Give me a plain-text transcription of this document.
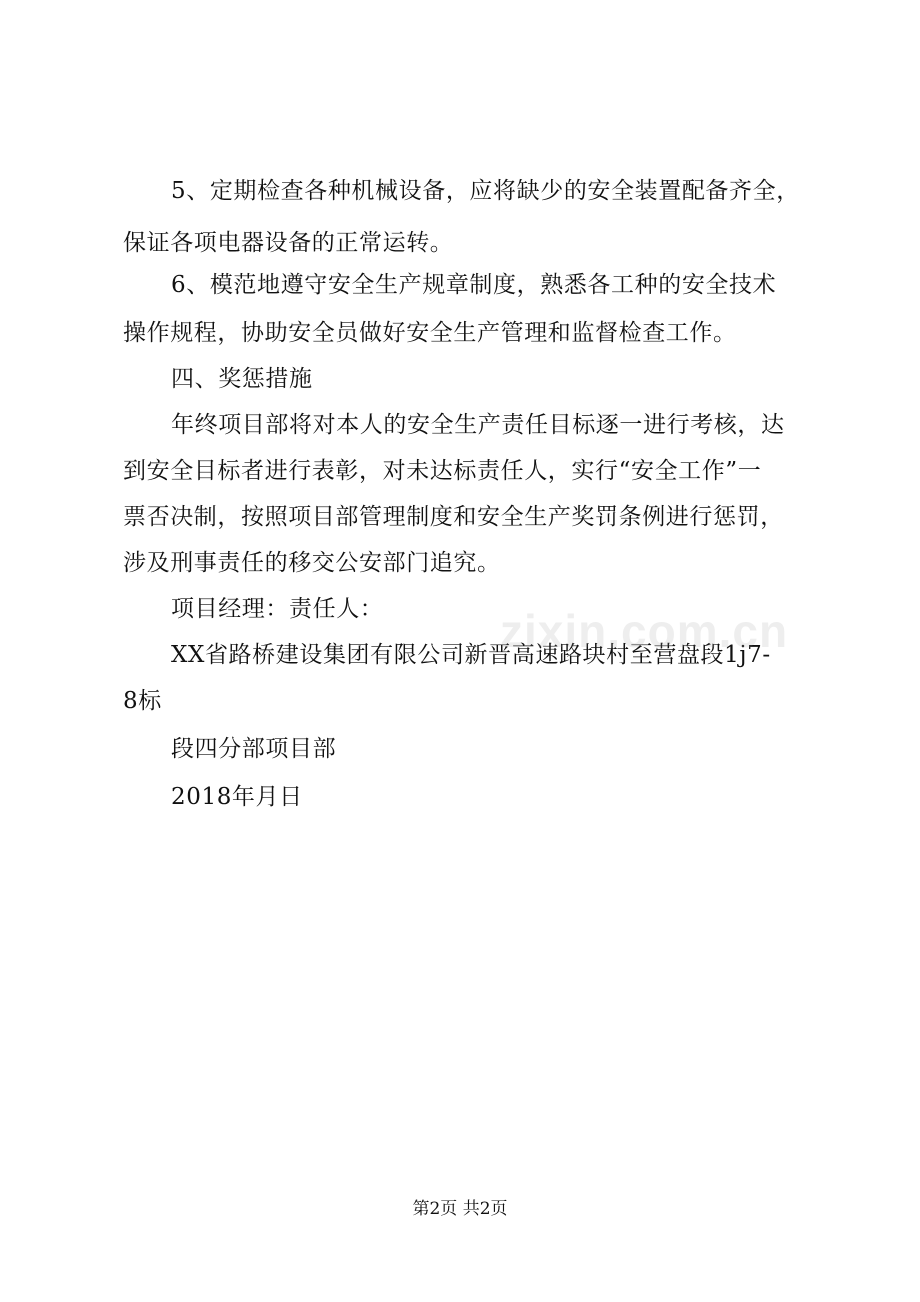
5、定期检查各种机械设备，应将缺少的安全装置配备齐全，
保证各项电器设备的正常运转。
6、模范地遵守安全生产规章制度，熟悉各工种的安全技术
操作规程，协助安全员做好安全生产管理和监督检查工作。
四、奖惩措施
年终项目部将对本人的安全生产责任目标逐一进行考核，达
到安全目标者进行表彰，对未达标责任人，实行“安全工作”一
票否决制，按照项目部管理制度和安全生产奖罚条例进行惩罚，
涉及刑事责任的移交公安部门追究。
项目经理：责任人：
XX省路桥建设集团有限公司新晋高速路块村至营盘段1j7-
8标
段四分部项目部
2018年月日
zixin.com.cn
第2页 共2页
